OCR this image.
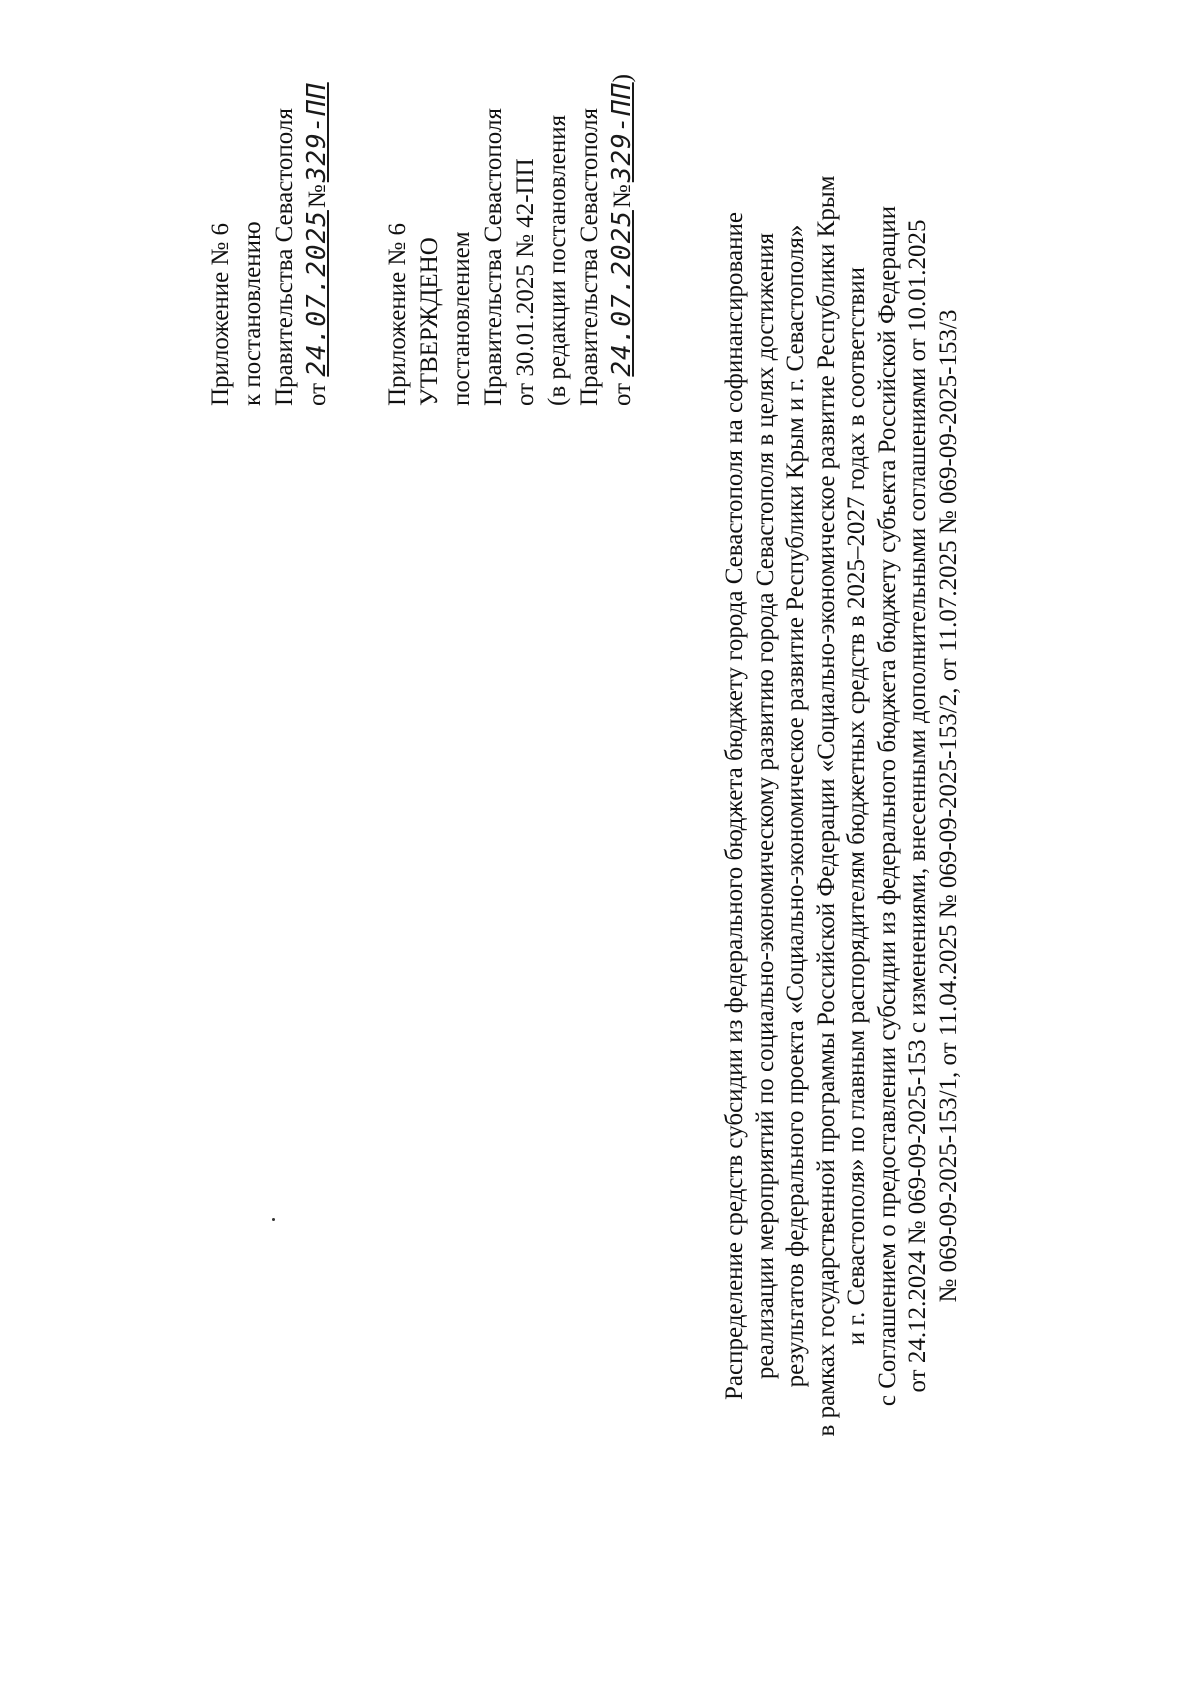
Приложение № 6 к постановлению Правительства Севастополя от 24.07.2025№329-ПП
Приложение № 6 УТВЕРЖДЕНО постановлением Правительства Севастополя от 30.01.2025 № 42-ПП (в редакции постановления Правительства Севастополя от 24.07.2025№329-ПП)
Распределение средств субсидии из федерального бюджета бюджету города Севастополя на софинансирование реализации мероприятий по социально-экономическому развитию города Севастополя в целях достижения результатов федерального проекта «Социально-экономическое развитие Республики Крым и г. Севастополя» в рамках государственной программы Российской Федерации «Социально-экономическое развитие Республики Крым и г. Севастополя» по главным распорядителям бюджетных средств в 2025–2027 годах в соответствии с Соглашением о предоставлении субсидии из федерального бюджета бюджету субъекта Российской Федерации от 24.12.2024 № 069-09-2025-153 с изменениями, внесенными дополнительными соглашениями от 10.01.2025 № 069-09-2025-153/1, от 11.04.2025 № 069-09-2025-153/2, от 11.07.2025 № 069-09-2025-153/3
